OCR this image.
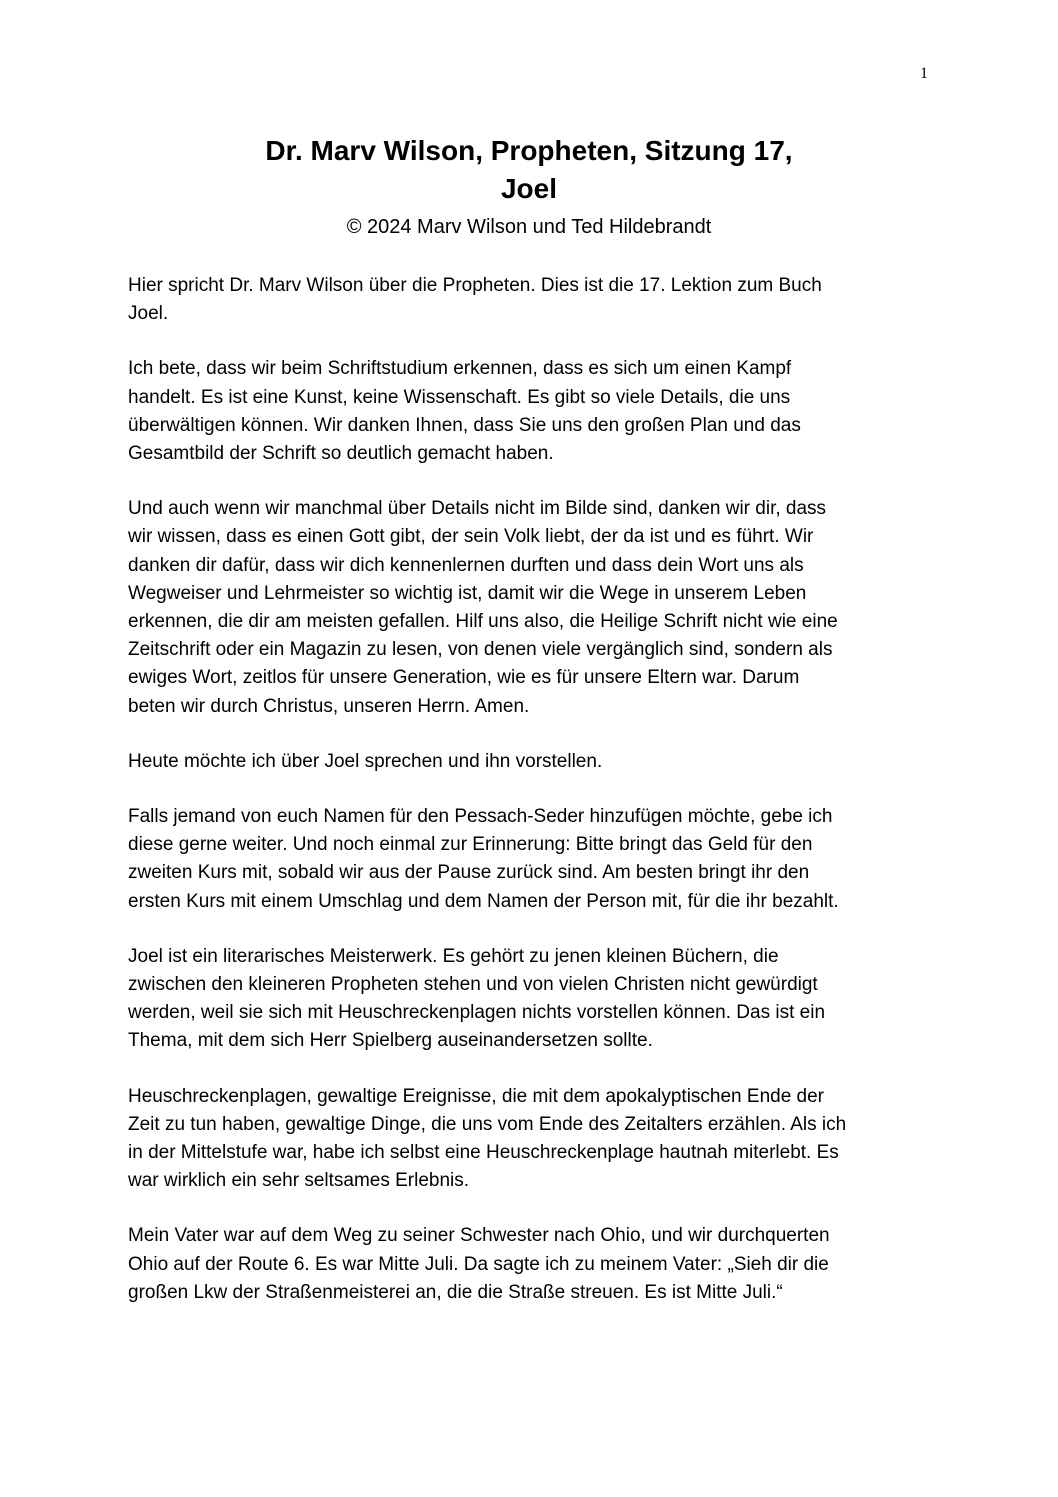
1
Dr. Marv Wilson, Propheten, Sitzung 17,
Joel
© 2024 Marv Wilson und Ted Hildebrandt

Hier spricht Dr. Marv Wilson über die Propheten. Dies ist die 17. Lektion zum Buch
Joel.

Ich bete, dass wir beim Schriftstudium erkennen, dass es sich um einen Kampf
handelt. Es ist eine Kunst, keine Wissenschaft. Es gibt so viele Details, die uns
überwältigen können. Wir danken Ihnen, dass Sie uns den großen Plan und das
Gesamtbild der Schrift so deutlich gemacht haben.

Und auch wenn wir manchmal über Details nicht im Bilde sind, danken wir dir, dass
wir wissen, dass es einen Gott gibt, der sein Volk liebt, der da ist und es führt. Wir
danken dir dafür, dass wir dich kennenlernen durften und dass dein Wort uns als
Wegweiser und Lehrmeister so wichtig ist, damit wir die Wege in unserem Leben
erkennen, die dir am meisten gefallen. Hilf uns also, die Heilige Schrift nicht wie eine
Zeitschrift oder ein Magazin zu lesen, von denen viele vergänglich sind, sondern als
ewiges Wort, zeitlos für unsere Generation, wie es für unsere Eltern war. Darum
beten wir durch Christus, unseren Herrn. Amen.

Heute möchte ich über Joel sprechen und ihn vorstellen.

Falls jemand von euch Namen für den Pessach-Seder hinzufügen möchte, gebe ich
diese gerne weiter. Und noch einmal zur Erinnerung: Bitte bringt das Geld für den
zweiten Kurs mit, sobald wir aus der Pause zurück sind. Am besten bringt ihr den
ersten Kurs mit einem Umschlag und dem Namen der Person mit, für die ihr bezahlt.

Joel ist ein literarisches Meisterwerk. Es gehört zu jenen kleinen Büchern, die
zwischen den kleineren Propheten stehen und von vielen Christen nicht gewürdigt
werden, weil sie sich mit Heuschreckenplagen nichts vorstellen können. Das ist ein
Thema, mit dem sich Herr Spielberg auseinandersetzen sollte.

Heuschreckenplagen, gewaltige Ereignisse, die mit dem apokalyptischen Ende der
Zeit zu tun haben, gewaltige Dinge, die uns vom Ende des Zeitalters erzählen. Als ich
in der Mittelstufe war, habe ich selbst eine Heuschreckenplage hautnah miterlebt. Es
war wirklich ein sehr seltsames Erlebnis.

Mein Vater war auf dem Weg zu seiner Schwester nach Ohio, und wir durchquerten
Ohio auf der Route 6. Es war Mitte Juli. Da sagte ich zu meinem Vater: „Sieh dir die
großen Lkw der Straßenmeisterei an, die die Straße streuen. Es ist Mitte Juli.“
